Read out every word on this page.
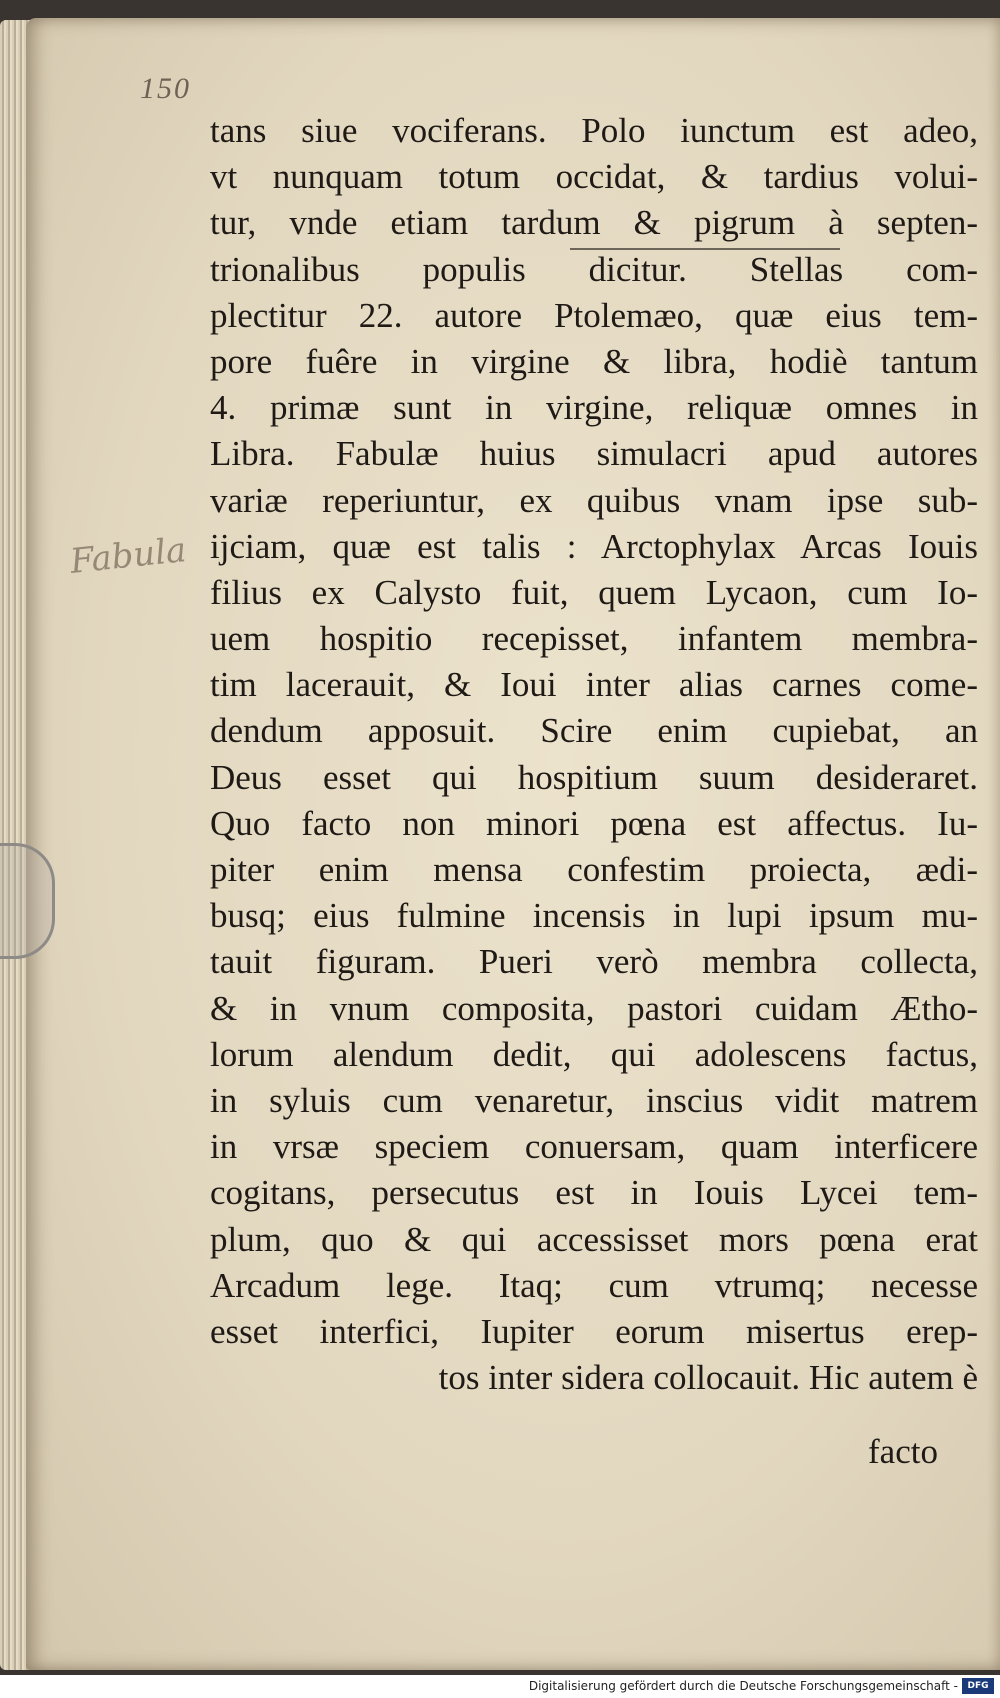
150
Fabula
tans siue vociferans. Polo iunctum est adeo,
vt nunquam totum occidat, & tardius volui-
tur, vnde etiam tardum & pigrum à septen-
trionalibus populis dicitur. Stellas com-
plectitur 22. autore Ptolemæo, quæ eius tem-
pore fuêre in virgine & libra, hodiè tantum
4. primæ sunt in virgine, reliquæ omnes in
Libra. Fabulæ huius simulacri apud autores
variæ reperiuntur, ex quibus vnam ipse sub-
ijciam, quæ est talis : Arctophylax Arcas Iouis
filius ex Calysto fuit, quem Lycaon, cum Io-
uem hospitio recepisset, infantem membra-
tim lacerauit, & Ioui inter alias carnes come-
dendum apposuit. Scire enim cupiebat, an
Deus esset qui hospitium suum desideraret.
Quo facto non minori pœna est affectus. Iu-
piter enim mensa confestim proiecta, ædi-
busq; eius fulmine incensis in lupi ipsum mu-
tauit figuram. Pueri verò membra collecta,
& in vnum composita, pastori cuidam Ætho-
lorum alendum dedit, qui adolescens factus,
in syluis cum venaretur, inscius vidit matrem
in vrsæ speciem conuersam, quam interficere
cogitans, persecutus est in Iouis Lycei tem-
plum, quo & qui accessisset mors pœna erat
Arcadum lege. Itaq; cum vtrumq; necesse
esset interfici, Iupiter eorum misertus erep-
tos inter sidera collocauit. Hic autem è
facto
Digitalisierung gefördert durch die Deutsche Forschungsgemeinschaft -	DFG
